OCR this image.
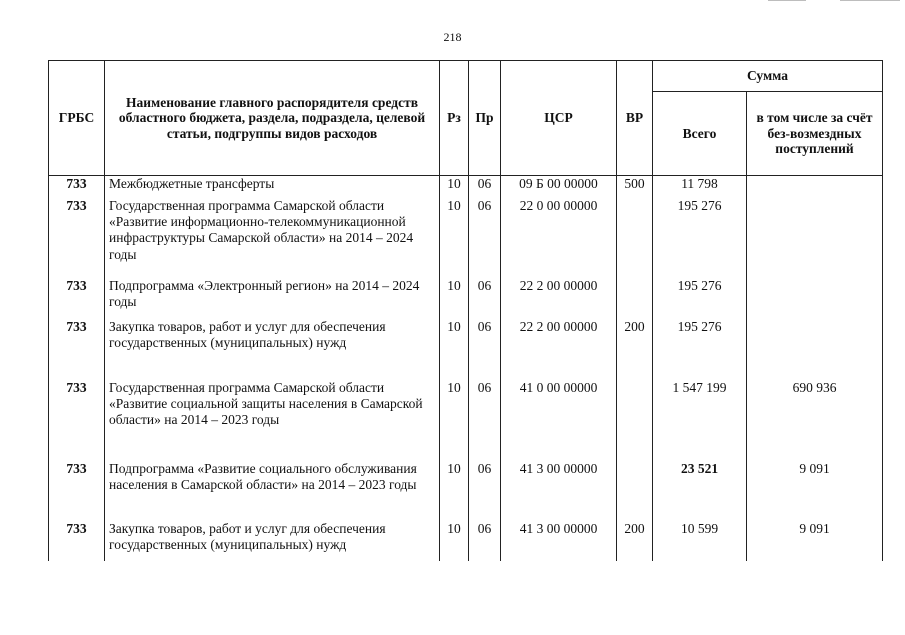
218
ГРБС	Наименование главного распорядителя средств областного бюджета, раздела, подраздела, целевой статьи, подгруппы видов расходов	Рз	Пр	ЦСР	ВР	Сумма	
						Всего	в том числе за счёт без-возмездных поступлений
733	Межбюджетные трансферты	10	06	09 Б 00 00000	500	11 798	
733	Государственная программа Самарской области «Развитие информационно-телекоммуникационной инфраструктуры Самарской области» на 2014 – 2024 годы	10	06	22 0 00 00000		195 276	
733	Подпрограмма «Электронный регион» на 2014 – 2024 годы	10	06	22 2 00 00000		195 276	
733	Закупка товаров, работ и услуг для обеспечения государственных (муниципальных) нужд	10	06	22 2 00 00000	200	195 276	
733	Государственная программа Самарской области «Развитие социальной защиты населения в Самарской области» на 2014 – 2023 годы	10	06	41 0 00 00000		1 547 199	690 936
733	Подпрограмма «Развитие социального обслуживания населения в Самарской области» на 2014 – 2023 годы	10	06	41 3 00 00000		23 521	9 091
733	Закупка товаров, работ и услуг для обеспечения государственных (муниципальных) нужд	10	06	41 3 00 00000	200	10 599	9 091
